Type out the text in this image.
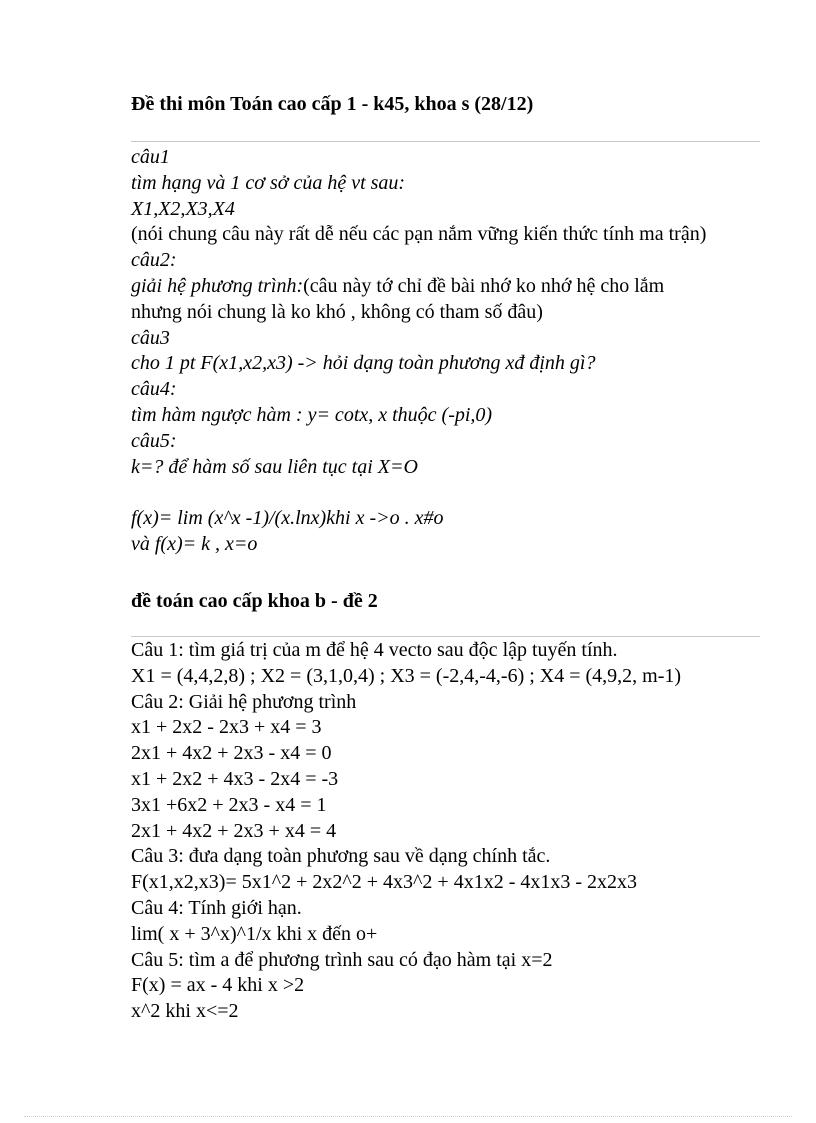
Đề thi môn Toán cao cấp 1 - k45, khoa s (28/12)
câu1
tìm hạng và 1 cơ sở của hệ vt sau:
X1,X2,X3,X4
(nói chung câu này rất dễ nếu các pạn nắm vững kiến thức tính ma trận)
câu2:
giải hệ phương trình:(câu này tớ chỉ đề bài nhớ ko nhớ hệ cho lắm
nhưng nói chung là ko khó , không có tham số đâu)
câu3
cho 1 pt F(x1,x2,x3) -> hỏi dạng toàn phương xđ định gì?
câu4:
tìm hàm ngược hàm : y= cotx, x thuộc (-pi,0)
câu5:
k=? để hàm số sau liên tục tại X=O
f(x)= lim (x^x -1)/(x.lnx)khi x ->o . x#o
và f(x)= k , x=o
đề toán cao cấp khoa b - đề 2
Câu 1: tìm giá trị của m để hệ 4 vecto sau độc lập tuyến tính.
X1 = (4,4,2,8) ; X2 = (3,1,0,4) ; X3 = (-2,4,-4,-6) ; X4 = (4,9,2, m-1)
Câu 2: Giải hệ phương trình
x1 + 2x2 - 2x3 + x4 = 3
2x1 + 4x2 + 2x3 - x4 = 0
x1 + 2x2 + 4x3 - 2x4 = -3
3x1 +6x2 + 2x3 - x4 = 1
2x1 + 4x2 + 2x3 + x4 = 4
Câu 3: đưa dạng toàn phương sau về dạng chính tắc.
F(x1,x2,x3)= 5x1^2 + 2x2^2 + 4x3^2 + 4x1x2 - 4x1x3 - 2x2x3
Câu 4: Tính giới hạn.
lim( x + 3^x)^1/x khi x đến o+
Câu 5: tìm a để phương trình sau có đạo hàm tại x=2
F(x) = ax - 4 khi x >2
x^2 khi x<=2
